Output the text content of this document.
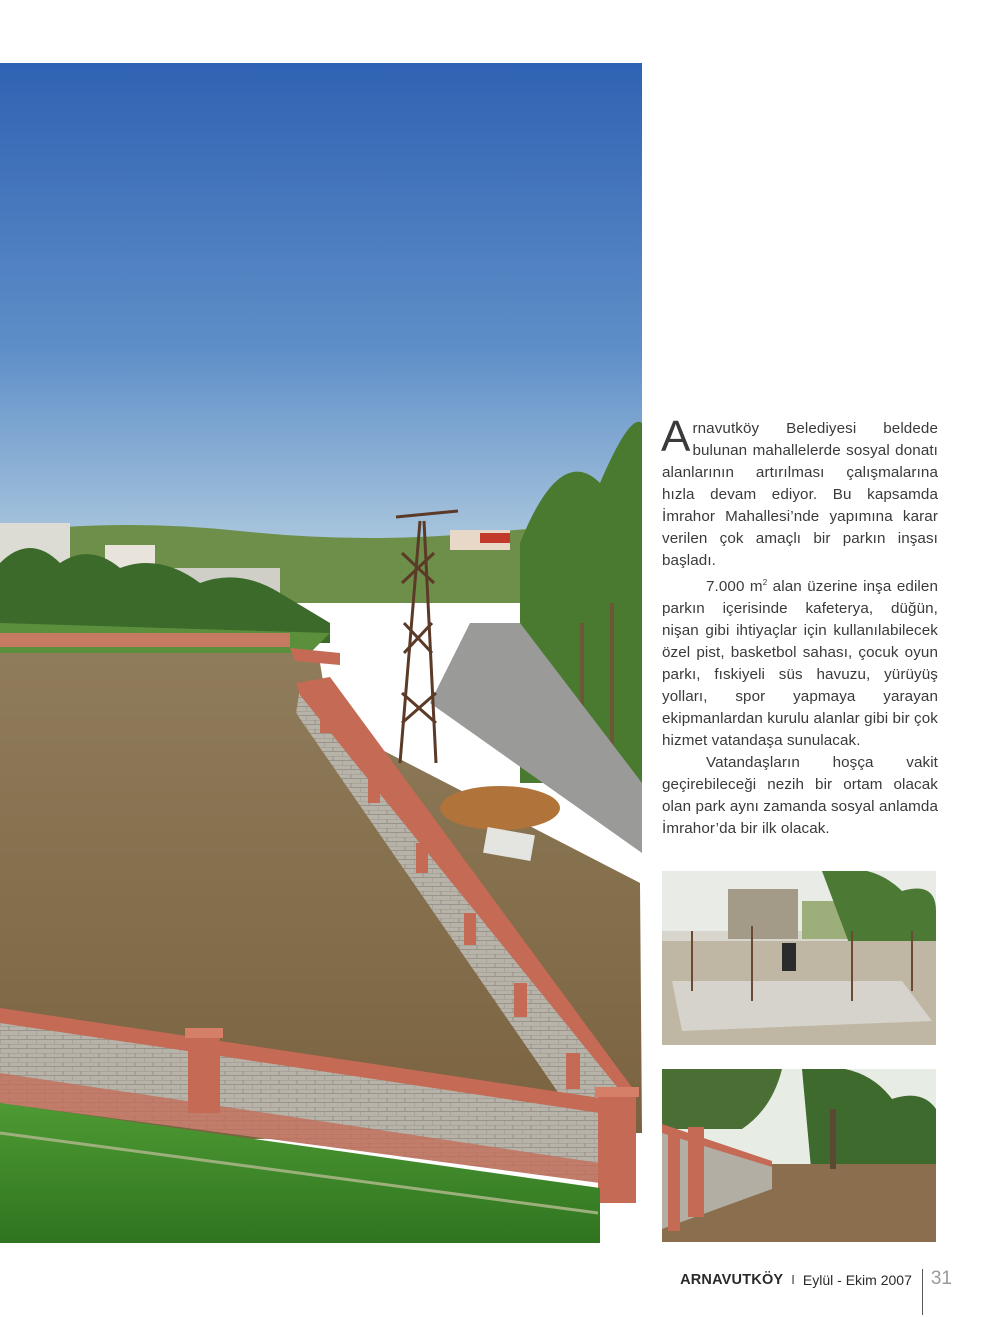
Arnavutköy Belediyesi beldede bulunan mahallelerde sosyal donatı alanlarının artırılması çalışmalarına hızla devam ediyor. Bu kapsamda İmrahor Mahallesi’nde yapımına karar verilen çok amaçlı bir parkın inşası başladı.

7.000 $m^2$ alan üzerine inşa edilen parkın içerisinde kafeterya, düğün, nişan gibi ihtiyaçlar için kullanılabilecek özel pist, basketbol sahası, çocuk oyun parkı, fıskiyeli süs havuzu, yürüyüş yolları, spor yapmaya yarayan ekipmanlardan kurulu alanlar gibi bir çok hizmet vatandaşa sunulacak.

Vatandaşların hoşça vakit geçirebileceği nezih bir ortam olacak olan park aynı zamanda sosyal anlamda İmrahor’da bir ilk olacak.

ARNAVUTKÖY I Eylül - Ekim 2007 31
